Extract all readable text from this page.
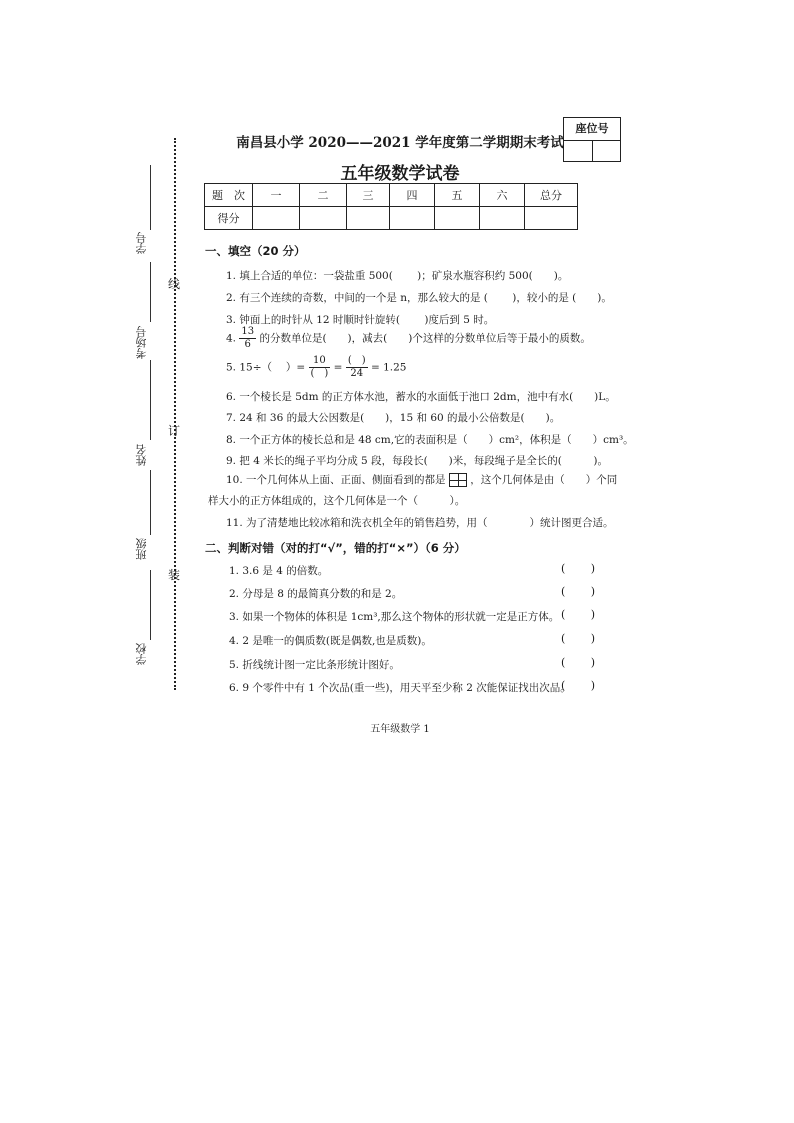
线
订
装
学号
考场号
姓名
班级
学校
座位号
南昌县小学 2020——2021 学年度第二学期期末考试
五年级数学试卷
题　次	一	二	三	四	五	六	总分
得分							
一、填空（20 分）
1. 填上合适的单位：一袋盐重 500(　　 )；矿泉水瓶容积约 500(　　)。
2. 有三个连续的奇数，中间的一个是 n，那么较大的是 (　　 )，较小的是 (　　)。
3. 钟面上的时针从 12 时顺时针旋转(　　 )度后到 5 时。
4. $\frac{13}{6}$ 的分数单位是(　　)，减去(　　)个这样的分数单位后等于最小的质数。
5. 15÷（　 ）= $\frac{10}{( )} = \frac{( )}{24} = 1.25$
6. 一个棱长是 5dm 的正方体水池，蓄水的水面低于池口 2dm，池中有水(　　)L。
7. 24 和 36 的最大公因数是(　　)，15 和 60 的最小公倍数是(　　)。
8. 一个正方体的棱长总和是 48 cm,它的表面积是（　　）cm²，体积是（　　）cm³。
9. 把 4 米长的绳子平均分成 5 段，每段长(　　)米，每段绳子是全长的(　　　)。
10. 一个几何体从上面、正面、侧面看到的都是 ，这个几何体是由（　　）个同
样大小的正方体组成的，这个几何体是一个（　　　）。
11. 为了清楚地比较冰箱和洗衣机全年的销售趋势，用（　　　　）统计图更合适。
二、判断对错（对的打“√”，错的打“×”）（6 分）
1. 3.6 是 4 的倍数。	(　　 )
2. 分母是 8 的最简真分数的和是 2。	(　　 )
3. 如果一个物体的体积是 1cm³,那么这个物体的形状就一定是正方体。 (　　 )
4. 2 是唯一的偶质数(既是偶数,也是质数)。	(　　 )
5. 折线统计图一定比条形统计图好。	(　　 )
6. 9 个零件中有 1 个次品(重一些)，用天平至少称 2 次能保证找出次品。
(　　 )
五年级数学 1
